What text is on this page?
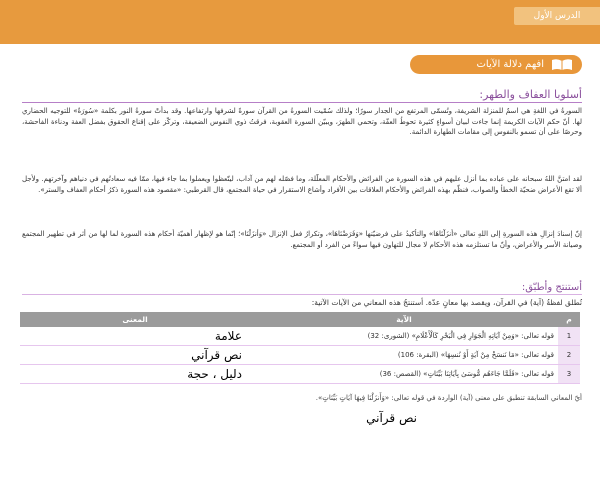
الدرس الأول
افهم دلالة الآيات
أسلوبا العفاف والطهر:
السورةُ في اللغةِ هي اسمٌ للمنزلة الشريفة، وتُسمّى المرتفع من الجدار سورًا؛ ولذلك سُمّيت السورةُ من القرآن سورةً لشرفها وارتفاعها. وقد بدأتْ سورةُ النور بكلمة «سُورَةٌ» للتوجيه الحضاري لها. أنّ حكم الآيات الكريمة إنما جاءت لبيان أسواءٍ كثيرة تحوطُ العفّة، وتحمي الطهرَ، ويبيّن السورة العقوبة، فرقتُ ذوي النفوس الضعيفة، وتركّز على إقناع الحقوق بفضل العفة ودناءة الفاحشة، وحرصًا على أن تسمو بالنفوس إلى مقامات الطهارة الدائمة.
لقد امتنَّ اللهُ سبحانه على عباده بما أنزل عليهم في هذه السورة من الفرائض والأحكام المعلّلة، وما فصّله لهم من آداب، ليتّعظوا ويعملوا بما جاء فيها، ممّا فيه سعادتُهم في دنياهم وآخرتهم. ولأجل ألا تقع الأعراض ضحيّة الخطأ والصواب، فنظّم بهذه الفرائض والأحكام العلاقات بين الأفراد وأشاع الاستقرار في حياة المجتمع، قال القرطبي: «مقصود هذه السورة ذكرُ أحكام العفاف والستر».
إنّ إسنادَ إنزالِ هذه السورةِ إلى اللهِ تعالى «أَنزَلْنَاهَا» والتأكيدُ على فرضيّتها «وَفَرَضْنَاهَا»، وتكرارُ فعل الإنزال «وَأَنزَلْنَا»؛ إنّما هو لإظهار أهميّة أحكام هذه السورة لما لها من أثر في تطهير المجتمع وصيانة الأسر والأعراض، وأنّ ما تستلزمه هذه الأحكام لا مجال للتهاون فيها سواءً من الفرد أو المجتمع.
أستنتج وأطبّق:
تُطلق لفظةُ (آية) في القرآن، ويقصد بها معانٍ عدّة. أستنتجُ هذه المعاني من الآيات الآتية:
م	الآية	المعنى
1	قوله تعالى: «وَمِنْ آيَاتِهِ الْجَوَارِ فِي الْبَحْرِ كَالْأَعْلَامِ» (الشورى: 32)	علامة
2	قوله تعالى: «مَا نَنسَخْ مِنْ آيَةٍ أَوْ نُنسِهَا» (البقرة: 106)	نص قرآني
3	قوله تعالى: «فَلَمَّا جَاءَهُم مُّوسَىٰ بِآيَاتِنَا بَيِّنَاتٍ» (القصص: 36)	دليل ، حجة
أيّ المعاني السابقة تنطبق على معنى (آية) الواردة في قوله تعالى: «وَأَنزَلْنَا فِيهَا آيَاتٍ بَيِّنَاتٍ».
نص قرآني
